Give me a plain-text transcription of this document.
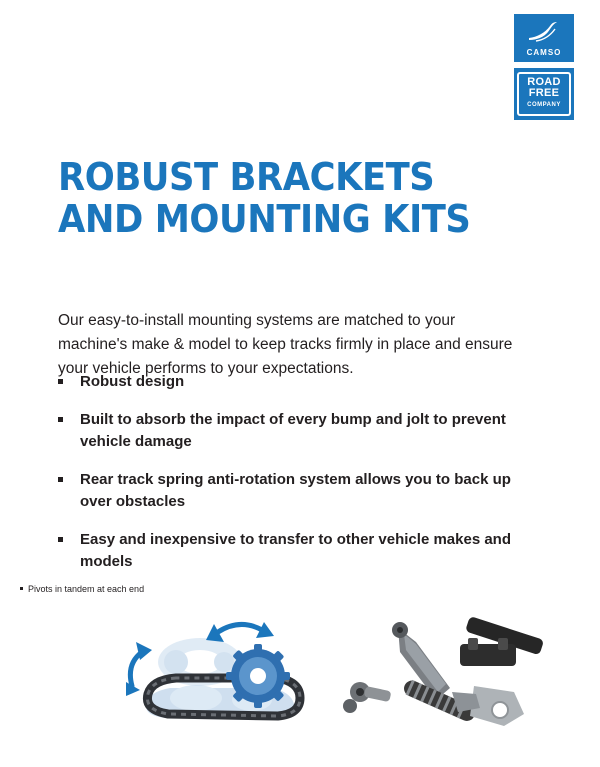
CAMSO
ROAD
FREE
COMPANY
ROBUST BRACKETS
AND MOUNTING KITS

Our easy-to-install mounting systems are matched to your machine's make & model to keep tracks firmly in place and ensure your vehicle performs to your expectations.

Robust design
Built to absorb the impact of every bump and jolt to prevent vehicle damage
Rear track spring anti-rotation system allows you to back up over obstacles
Easy and inexpensive to transfer to other vehicle makes and models
Pivots in tandem at each end
